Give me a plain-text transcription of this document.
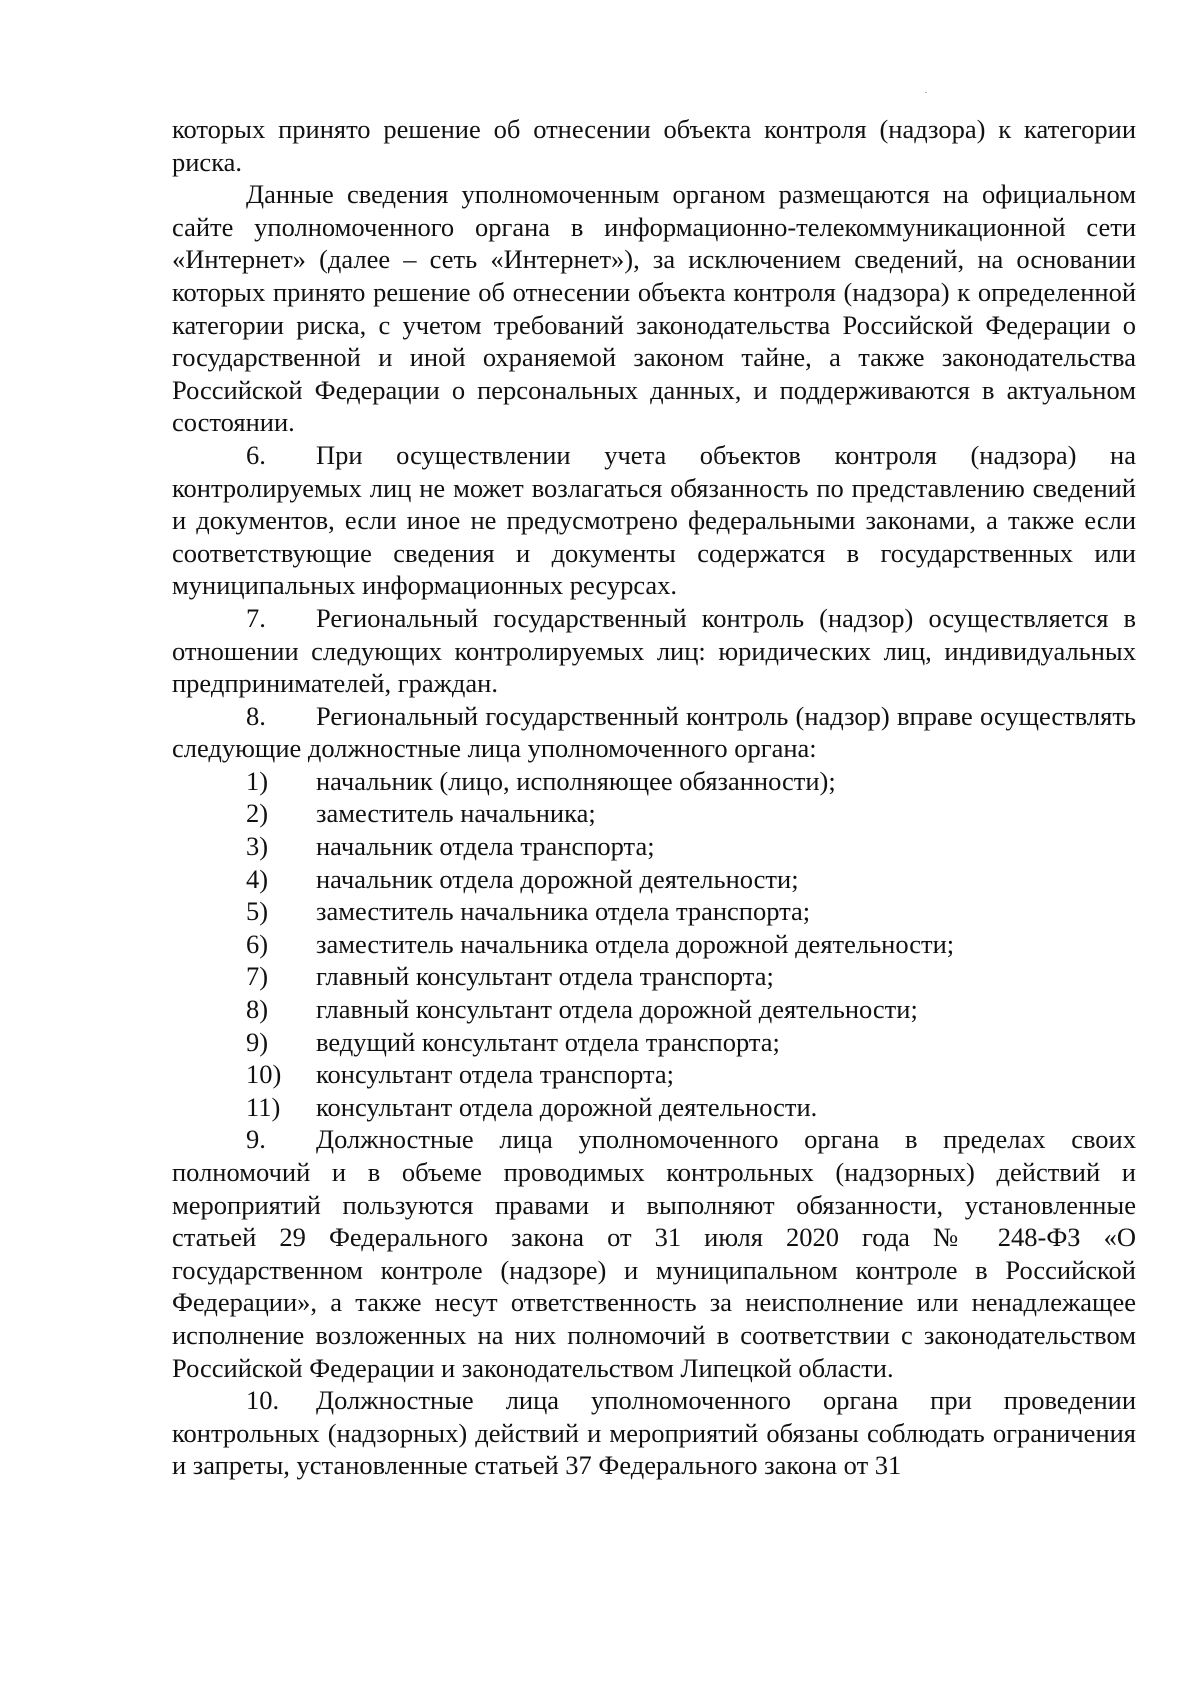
которых принято решение об отнесении объекта контроля (надзора) к категории риска.

Данные сведения уполномоченным органом размещаются на официальном сайте уполномоченного органа в информационно-телекоммуникационной сети «Интернет» (далее – сеть «Интернет»), за исключением сведений, на основании которых принято решение об отнесении объекта контроля (надзора) к определенной категории риска, с учетом требований законодательства Российской Федерации о государственной и иной охраняемой законом тайне, а также законодательства Российской Федерации о персональных данных, и поддерживаются в актуальном состоянии.

6. При осуществлении учета объектов контроля (надзора) на контролируемых лиц не может возлагаться обязанность по представлению сведений и документов, если иное не предусмотрено федеральными законами, а также если соответствующие сведения и документы содержатся в государственных или муниципальных информационных ресурсах.

7. Региональный государственный контроль (надзор) осуществляется в отношении следующих контролируемых лиц: юридических лиц, индивидуальных предпринимателей, граждан.

8. Региональный государственный контроль (надзор) вправе осуществлять следующие должностные лица уполномоченного органа:

1)	начальник (лицо, исполняющее обязанности);
2)	заместитель начальника;
3)	начальник отдела транспорта;
4)	начальник отдела дорожной деятельности;
5)	заместитель начальника отдела транспорта;
6)	заместитель начальника отдела дорожной деятельности;
7)	главный консультант отдела транспорта;
8)	главный консультант отдела дорожной деятельности;
9)	ведущий консультант отдела транспорта;
10)	консультант отдела транспорта;
11)	консультант отдела дорожной деятельности.

9. Должностные лица уполномоченного органа в пределах своих полномочий и в объеме проводимых контрольных (надзорных) действий и мероприятий пользуются правами и выполняют обязанности, установленные статьей 29 Федерального закона от 31 июля 2020 года № 248-ФЗ «О государственном контроле (надзоре) и муниципальном контроле в Российской Федерации», а также несут ответственность за неисполнение или ненадлежащее исполнение возложенных на них полномочий в соответствии с законодательством Российской Федерации и законодательством Липецкой области.

10. Должностные лица уполномоченного органа при проведении контрольных (надзорных) действий и мероприятий обязаны соблюдать ограничения и запреты, установленные статьей 37 Федерального закона от 31
